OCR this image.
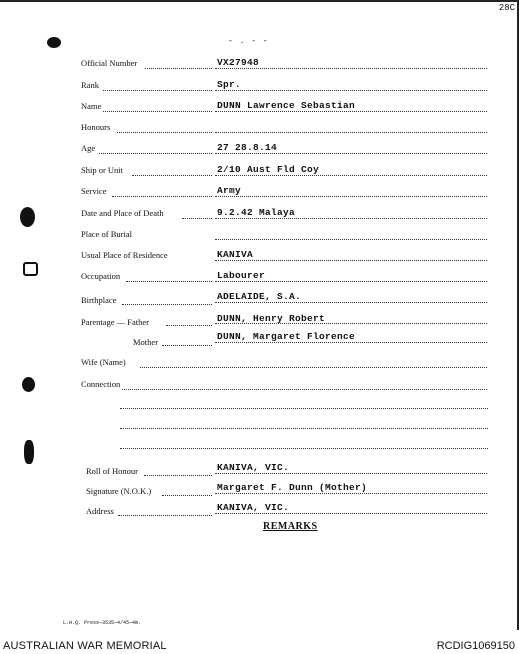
28C
- . - -
Official Number	VX27948
Rank	Spr.
Name	DUNN Lawrence Sebastian
Honours
Age	27 28.8.14
Ship or Unit	2/10 Aust Fld Coy
Service	Army
Date and Place of Death	9.2.42 Malaya
Place of Burial
Usual Place of Residence	KANIVA
Occupation	Labourer
Birthplace	ADELAIDE, S.A.
Parentage — Father	DUNN, Henry Robert
Mother	DUNN, Margaret Florence
Wife (Name)
Connection
Roll of Honour	KANIVA, VIC.
Signature (N.O.K.)	Margaret F. Dunn (Mother)
Address	KANIVA, VIC.
REMARKS
L.H.Q. Press—3535—4/45—4m.
AUSTRALIAN WAR MEMORIAL	RCDIG1069150
